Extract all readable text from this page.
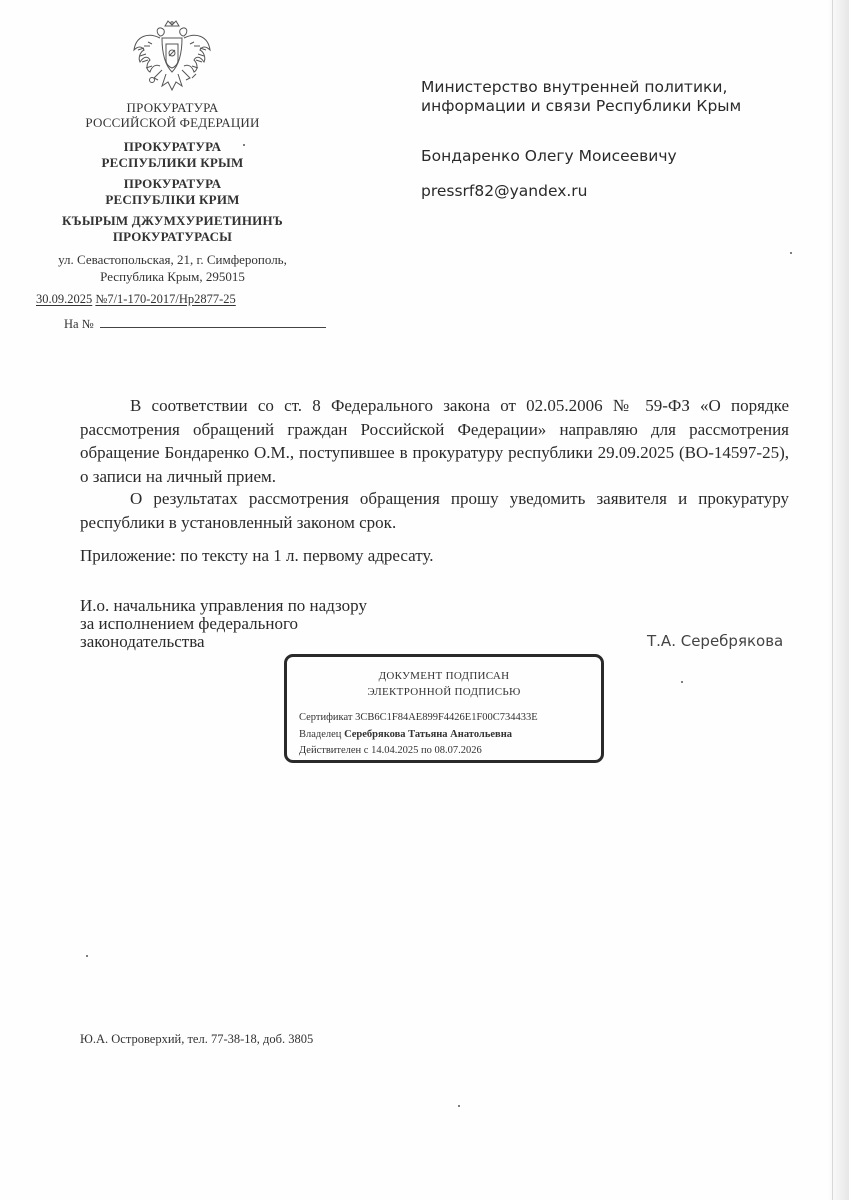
ПРОКУРАТУРА
РОССИЙСКОЙ ФЕДЕРАЦИИ
ПРОКУРАТУРА
РЕСПУБЛИКИ КРЫМ
ПРОКУРАТУРА
РЕСПУБЛIКИ КРИМ
КЪЫРЫМ ДЖУМХУРИЕТИНИНЪ
ПРОКУРАТУРАСЫ
ул. Севастопольская, 21, г. Симферополь,
Республика Крым, 295015
30.09.2025 №7/1-170-2017/Нр2877-25
На №
Министерство внутренней политики,
информации и связи Республики Крым
Бондаренко Олегу Моисеевичу
pressrf82@yandex.ru
В соответствии со ст. 8 Федерального закона от 02.05.2006 № 59-ФЗ «О порядке рассмотрения обращений граждан Российской Федерации» направляю для рассмотрения обращение Бондаренко О.М., поступившее в прокуратуру республики 29.09.2025 (ВО-14597-25), о записи на личный прием.
О результатах рассмотрения обращения прошу уведомить заявителя и прокуратуру республики в установленный законом срок.
Приложение: по тексту на 1 л. первому адресату.
И.о. начальника управления по надзору
за исполнением федерального
законодательства	Т.А. Серебрякова
ДОКУМЕНТ ПОДПИСАН
ЭЛЕКТРОННОЙ ПОДПИСЬЮ
Сертификат 3CB6C1F84AE899F4426E1F00C734433E
Владелец Серебрякова Татьяна Анатольевна
Действителен с 14.04.2025 по 08.07.2026
Ю.А. Островерхий, тел. 77-38-18, доб. 3805
